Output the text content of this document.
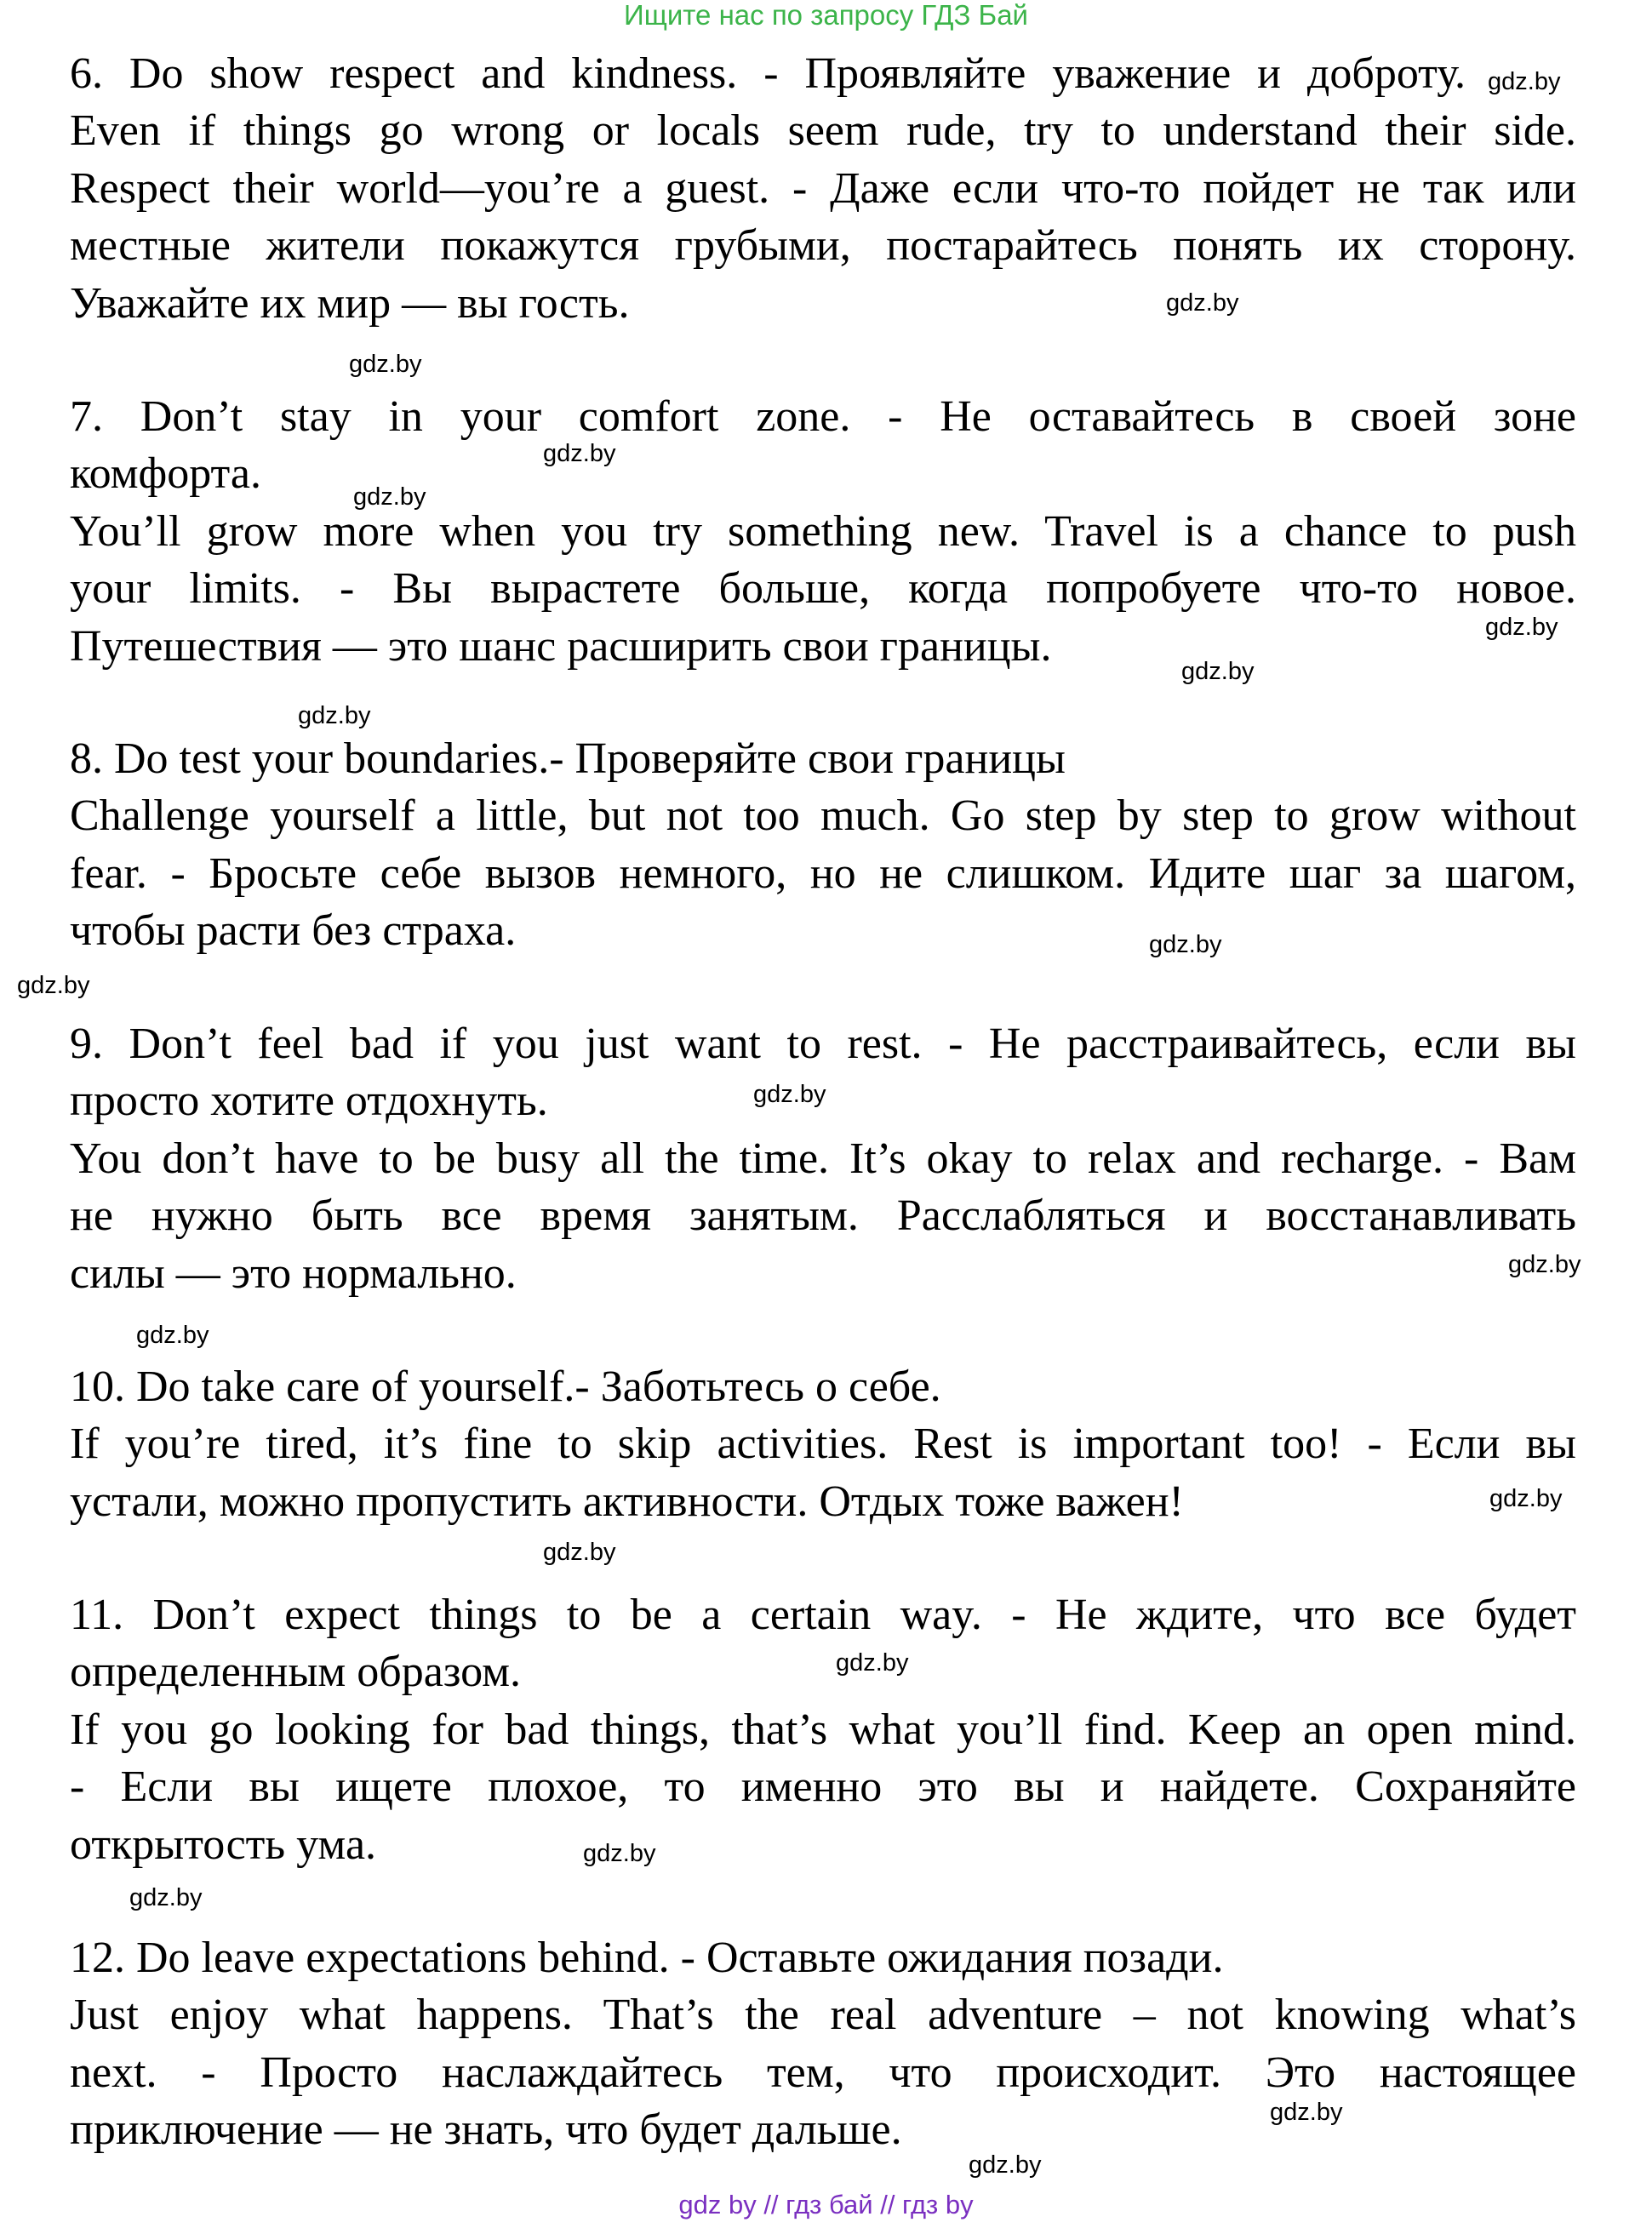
Ищите нас по запросу ГДЗ Бай
6. Do show respect and kindness. - Проявляйте уважение и доброту.
Even if things go wrong or locals seem rude, try to understand their side.
Respect their world—you’re a guest. - Даже если что-то пойдет не так или
местные жители покажутся грубыми, постарайтесь понять их сторону.
Уважайте их мир — вы гость.
7. Don’t stay in your comfort zone. - Не оставайтесь в своей зоне
комфорта.
You’ll grow more when you try something new. Travel is a chance to push
your limits. - Вы вырастете больше, когда попробуете что-то новое.
Путешествия — это шанс расширить свои границы.
8. Do test your boundaries.- Проверяйте свои границы
Challenge yourself a little, but not too much. Go step by step to grow without
fear. - Бросьте себе вызов немного, но не слишком. Идите шаг за шагом,
чтобы расти без страха.
9. Don’t feel bad if you just want to rest. - Не расстраивайтесь, если вы
просто хотите отдохнуть.
You don’t have to be busy all the time. It’s okay to relax and recharge. - Вам
не нужно быть все время занятым. Расслабляться и восстанавливать
силы — это нормально.
10. Do take care of yourself.- Заботьтесь о себе.
If you’re tired, it’s fine to skip activities. Rest is important too! - Если вы
устали, можно пропустить активности. Отдых тоже важен!
11. Don’t expect things to be a certain way. - Не ждите, что все будет
определенным образом.
If you go looking for bad things, that’s what you’ll find. Keep an open mind.
- Если вы ищете плохое, то именно это вы и найдете. Сохраняйте
открытость ума.
12. Do leave expectations behind. - Оставьте ожидания позади.
Just enjoy what happens. That’s the real adventure – not knowing what’s
next. - Просто наслаждайтесь тем, что происходит. Это настоящее
приключение — не знать, что будет дальше.
gdz.by
gdz.by
gdz.by
gdz.by
gdz.by
gdz.by
gdz.by
gdz.by
gdz.by
gdz.by
gdz.by
gdz.by
gdz.by
gdz.by
gdz.by
gdz.by
gdz.by
gdz.by
gdz.by
gdz.by
gdz by // гдз бай // гдз by
